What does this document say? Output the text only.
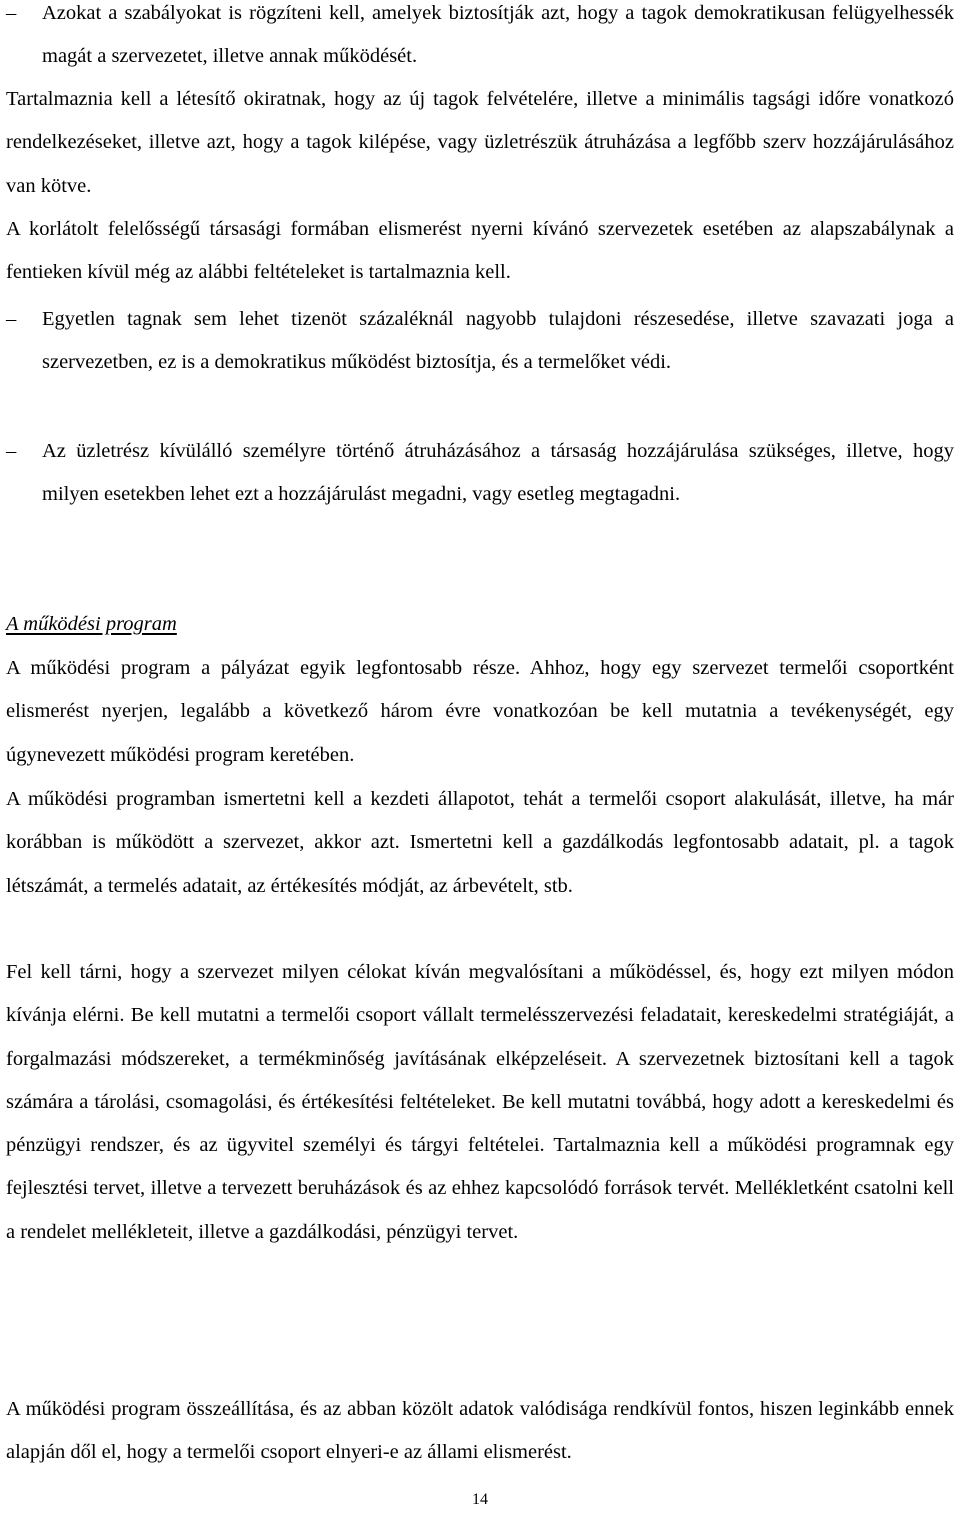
–	Azokat a szabályokat is rögzíteni kell, amelyek biztosítják azt, hogy a tagok demokratikusan felügyelhessék magát a szervezetet, illetve annak működését.

Tartalmaznia kell a létesítő okiratnak, hogy az új tagok felvételére, illetve a minimális tagsági időre vonatkozó rendelkezéseket, illetve azt, hogy a tagok kilépése, vagy üzletrészük átruházása a legfőbb szerv hozzájárulásához van kötve.

A korlátolt felelősségű társasági formában elismerést nyerni kívánó szervezetek esetében az alapszabálynak a fentieken kívül még az alábbi feltételeket is tartalmaznia kell.

–	Egyetlen tagnak sem lehet tizenöt százaléknál nagyobb tulajdoni részesedése, illetve szavazati joga a szervezetben, ez is a demokratikus működést biztosítja, és a termelőket védi.
–	Az üzletrész kívülálló személyre történő átruházásához a társaság hozzájárulása szükséges, illetve, hogy milyen esetekben lehet ezt a hozzájárulást megadni, vagy esetleg megtagadni.
A működési program

A működési program a pályázat egyik legfontosabb része. Ahhoz, hogy egy szervezet termelői csoportként elismerést nyerjen, legalább a következő három évre vonatkozóan be kell mutatnia a tevékenységét, egy úgynevezett működési program keretében.

A működési programban ismertetni kell a kezdeti állapotot, tehát a termelői csoport alakulását, illetve, ha már korábban is működött a szervezet, akkor azt. Ismertetni kell a gazdálkodás legfontosabb adatait, pl. a tagok létszámát, a termelés adatait, az értékesítés módját, az árbevételt, stb.

Fel kell tárni, hogy a szervezet milyen célokat kíván megvalósítani a működéssel, és, hogy ezt milyen módon kívánja elérni. Be kell mutatni a termelői csoport vállalt termelésszervezési feladatait, kereskedelmi stratégiáját, a forgalmazási módszereket, a termékminőség javításának elképzeléseit. A szervezetnek biztosítani kell a tagok számára a tárolási, csomagolási, és értékesítési feltételeket. Be kell mutatni továbbá, hogy adott a kereskedelmi és pénzügyi rendszer, és az ügyvitel személyi és tárgyi feltételei. Tartalmaznia kell a működési programnak egy fejlesztési tervet, illetve a tervezett beruházások és az ehhez kapcsolódó források tervét. Mellékletként csatolni kell a rendelet mellékleteit, illetve a gazdálkodási, pénzügyi tervet.

A működési program összeállítása, és az abban közölt adatok valódisága rendkívül fontos, hiszen leginkább ennek alapján dől el, hogy a termelői csoport elnyeri-e az állami elismerést.

14
